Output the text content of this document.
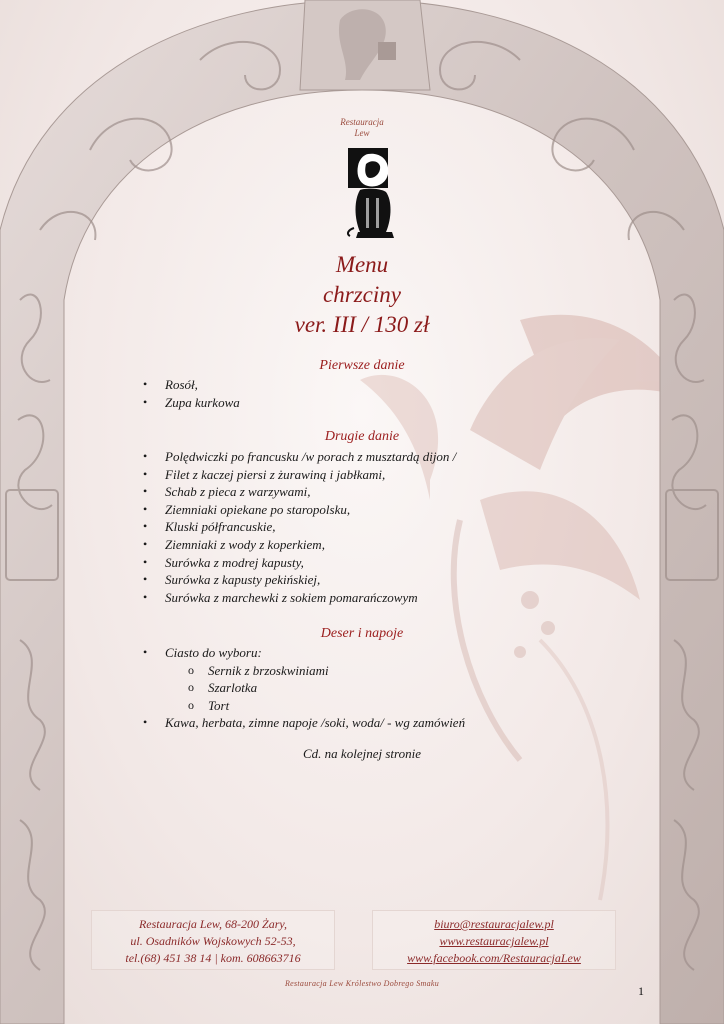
Restauracja
Lew
Menu
chrzciny
ver. III / 130 zł
Pierwsze danie
• Rosół,
• Zupa kurkowa
Drugie danie
• Polędwiczki po francusku /w porach z musztardą dijon /
• Filet z kaczej piersi z żurawiną i jabłkami,
• Schab z pieca z warzywami,
• Ziemniaki opiekane po staropolsku,
• Kluski półfrancuskie,
• Ziemniaki z wody z koperkiem,
• Surówka z modrej kapusty,
• Surówka z kapusty pekińskiej,
• Surówka z marchewki z sokiem pomarańczowym
Deser i napoje
• Ciasto do wyboru:
o Sernik z brzoskwiniami
o Szarlotka
o Tort
• Kawa, herbata, zimne napoje /soki, woda/ - wg zamówień
Cd. na kolejnej stronie
Restauracja Lew, 68-200 Żary,
ul. Osadników Wojskowych 52-53,
tel.(68) 451 38 14 | kom. 608663716
biuro@restauracjalew.pl
www.restauracjalew.pl
www.facebook.com/RestauracjaLew
Restauracja Lew Królestwo Dobrego Smaku
1
